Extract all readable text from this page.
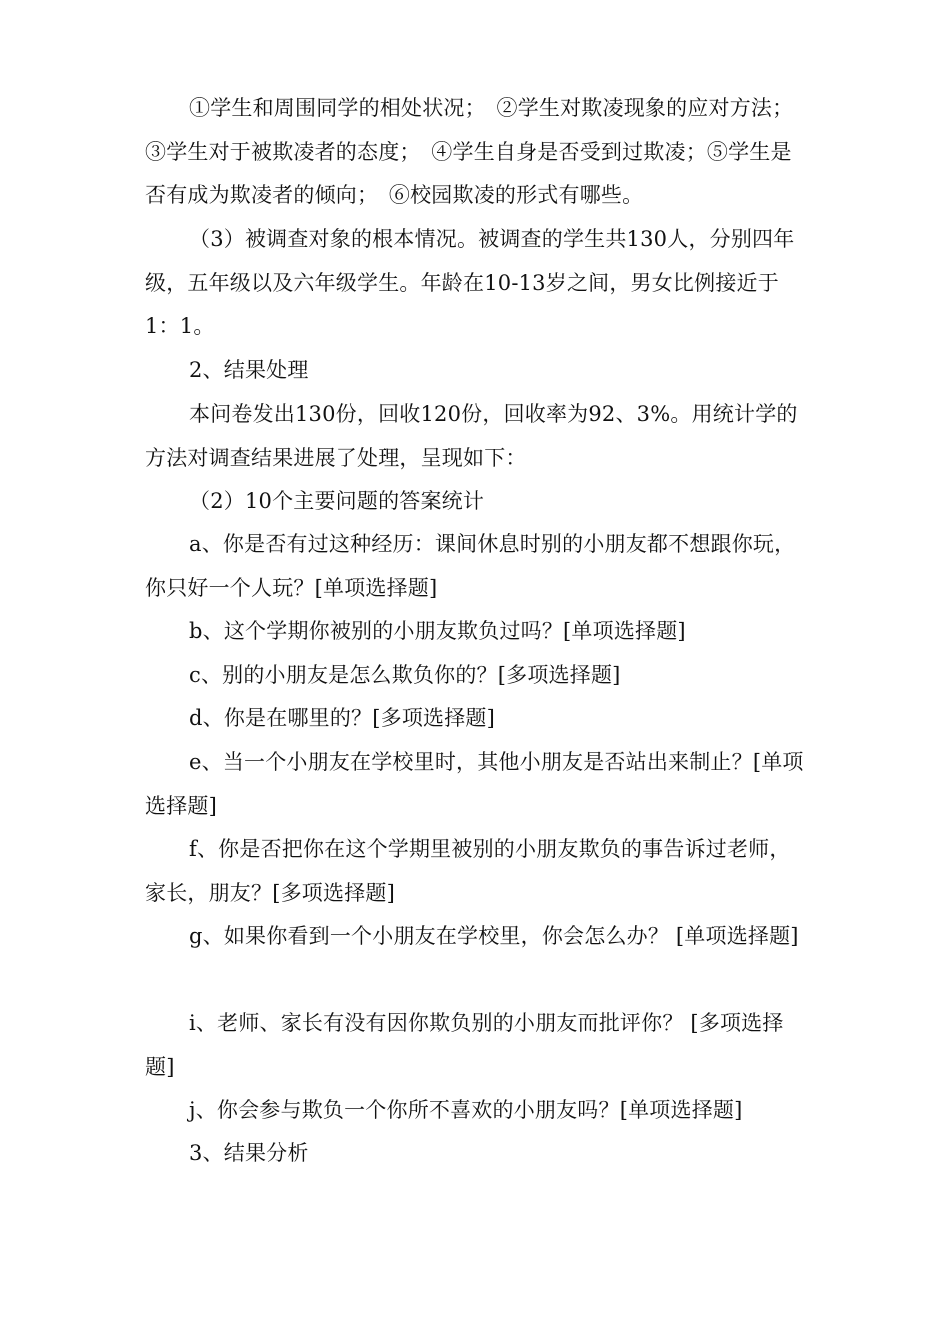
①学生和周围同学的相处状况；　②学生对欺凌现象的应对方法；　③学生对于被欺凌者的态度；　④学生自身是否受到过欺凌；⑤学生是否有成为欺凌者的倾向；　⑥校园欺凌的形式有哪些。

（3）被调查对象的根本情况。被调查的学生共130人，分别四年级，五年级以及六年级学生。年龄在10-13岁之间，男女比例接近于1：1。

2、结果处理

本问卷发出130份，回收120份，回收率为92、3%。用统计学的方法对调查结果进展了处理，呈现如下：

（2）10个主要问题的答案统计

a、你是否有过这种经历：课间休息时别的小朋友都不想跟你玩，你只好一个人玩？[单项选择题]

b、这个学期你被别的小朋友欺负过吗？[单项选择题]

c、别的小朋友是怎么欺负你的？[多项选择题]

d、你是在哪里的？[多项选择题]

e、当一个小朋友在学校里时，其他小朋友是否站出来制止？[单项选择题]

f、你是否把你在这个学期里被别的小朋友欺负的事告诉过老师，家长，朋友？[多项选择题]

g、如果你看到一个小朋友在学校里，你会怎么办？ [单项选择题]

i、老师、家长有没有因你欺负别的小朋友而批评你？ [多项选择题]

j、你会参与欺负一个你所不喜欢的小朋友吗？[单项选择题]

3、结果分析
